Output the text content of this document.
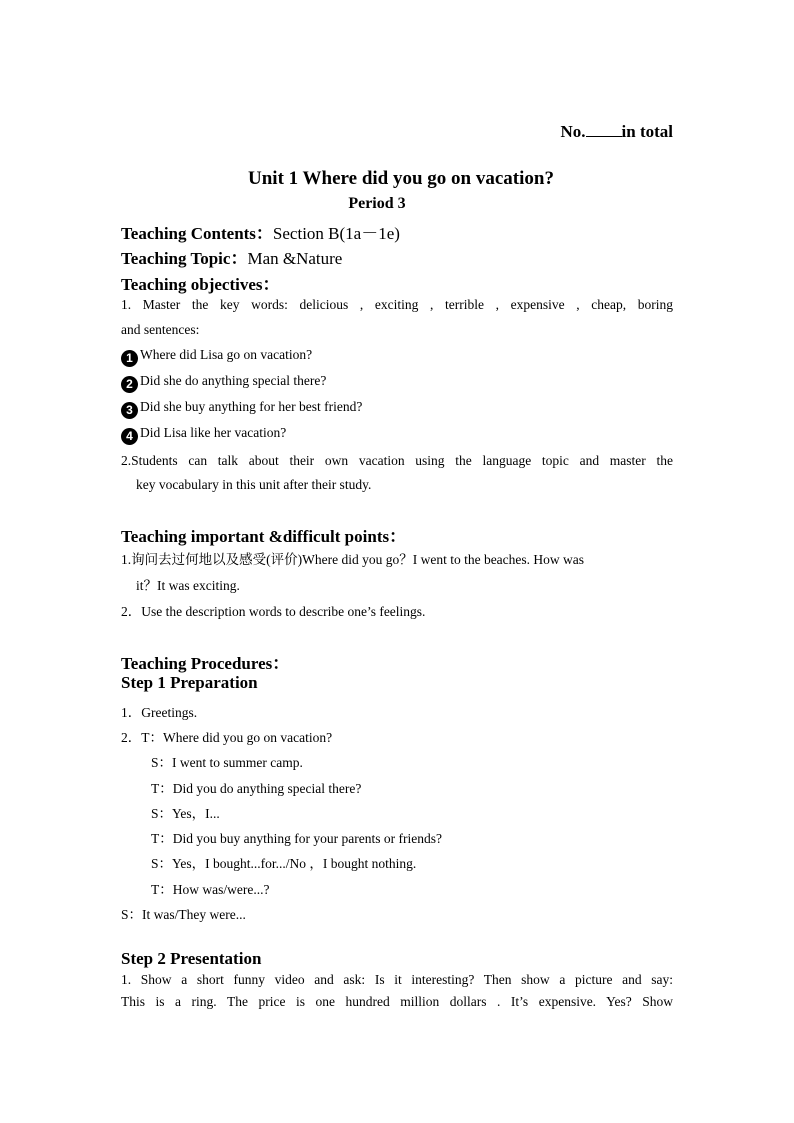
No. in total
Unit 1 Where did you go on vacation?
Period 3
Teaching Contents：Section B(1a－1e)
Teaching Topic：Man &Nature
Teaching objectives：
1. Master the key words: delicious , exciting , terrible , expensive , cheap, boring
and sentences:
1 Where did Lisa go on vacation?
2 Did she do anything special there?
3 Did she buy anything for her best friend?
4 Did Lisa like her vacation?
2.Students can talk about their own vacation using the language topic and master the
key vocabulary in this unit after their study.
Teaching important &difficult points：
1.询问去过何地以及感受(评价)Where did you go？I went to the beaches. How was
it？It was exciting.
2．Use the description words to describe one’s feelings.
Teaching Procedures：
Step 1 Preparation
1．Greetings.
2．T：Where did you go on vacation?
S：I went to summer camp.
T：Did you do anything special there?
S：Yes，I...
T：Did you buy anything for your parents or friends?
S：Yes，I bought...for.../No ，I bought nothing.
T：How was/were...?
S：It was/They were...
Step 2 Presentation
1. Show a short funny video and ask: Is it interesting? Then show a picture and say:
This is a ring. The price is one hundred million dollars . It’s expensive. Yes? Show
